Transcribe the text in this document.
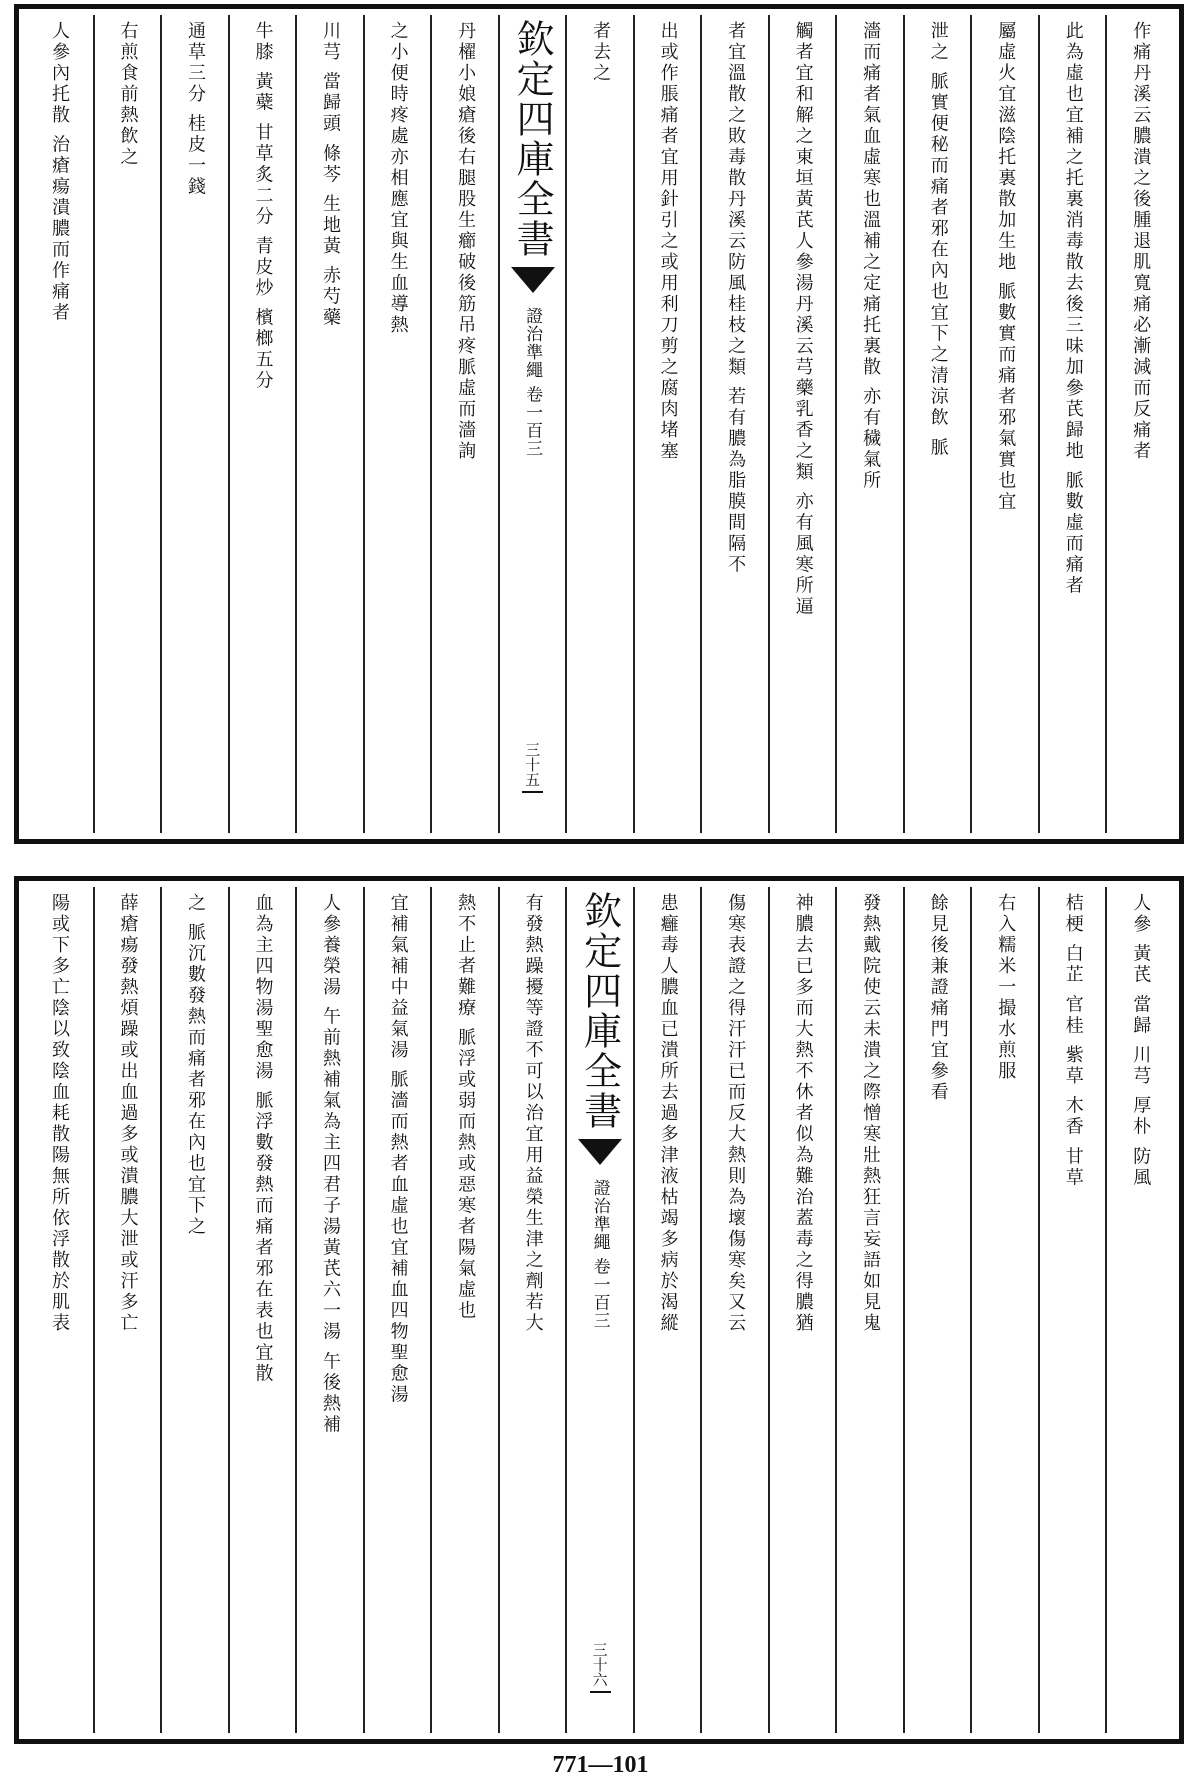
作痛丹溪云膿潰之後腫退肌寬痛必漸減而反痛者
此為虛也宜補之托裏消毒散去後三味加參芪歸地 脈數虛而痛者
屬虛火宜滋陰托裏散加生地 脈數實而痛者邪氣實也宜
泄之 脈實便秘而痛者邪在內也宜下之清涼飲 脈
濇而痛者氣血虛寒也溫補之定痛托裏散 亦有穢氣所
觸者宜和解之東垣黃芪人參湯丹溪云芎藥乳香之類 亦有風寒所逼
者宜溫散之敗毒散丹溪云防風桂枝之類 若有膿為脂膜間隔不
出或作脹痛者宜用針引之或用利刀剪之腐肉堵塞
者去之
欽定四庫全書
證治準繩 卷一百三
三十五
丹櫂小娘瘡後右腿股生癤破後筋吊疼脈虛而濇詢
之小便時疼處亦相應宜與生血導熱
川芎 當歸頭 條芩 生地黃 赤芍藥
牛膝 黃蘗 甘草炙二分 青皮炒 檳榔五分
通草三分 桂皮一錢
右煎食前熱飲之
人參內托散 治瘡瘍潰膿而作痛者
人參 黃芪 當歸 川芎 厚朴 防風
桔梗 白芷 官桂 紫草 木香 甘草
右入糯米一撮水煎服
餘見後兼證痛門宜參看
發熱戴院使云未潰之際憎寒壯熱狂言妄語如見鬼
神膿去已多而大熱不休者似為難治蓋毒之得膿猶
傷寒表證之得汗汗已而反大熱則為壞傷寒矣又云
患癰毒人膿血已潰所去過多津液枯竭多病於渴縱
欽定四庫全書
證治準繩 卷一百三
三十六
有發熱躁擾等證不可以治宜用益榮生津之劑若大
熱不止者難療 脈浮或弱而熱或惡寒者陽氣虛也
宜補氣補中益氣湯 脈濇而熱者血虛也宜補血四物聖愈湯
人參養榮湯 午前熱補氣為主四君子湯黃芪六一湯 午後熱補
血為主四物湯聖愈湯 脈浮數發熱而痛者邪在表也宜散
之 脈沉數發熱而痛者邪在內也宜下之
薛瘡瘍發熱煩躁或出血過多或潰膿大泄或汗多亡
陽或下多亡陰以致陰血耗散陽無所依浮散於肌表
771—101
